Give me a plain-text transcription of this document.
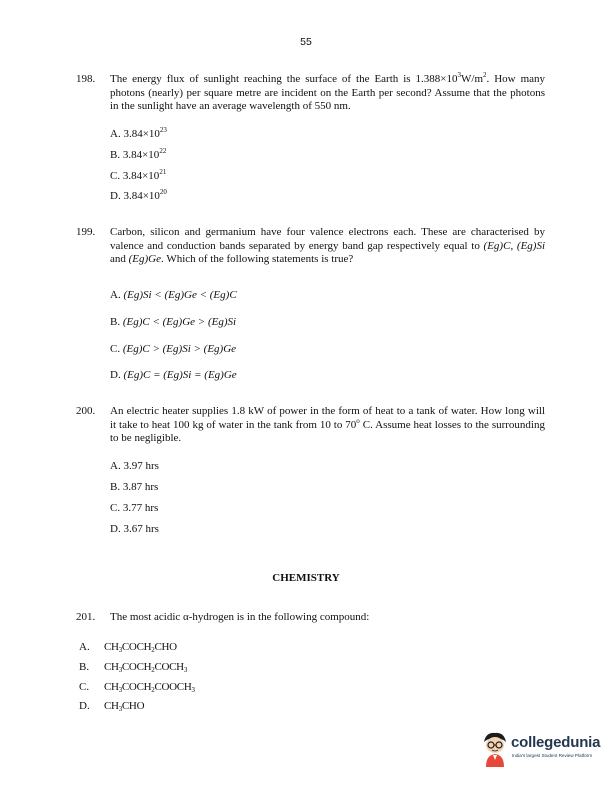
55
198. The energy flux of sunlight reaching the surface of the Earth is $1.388\times 10^3W/m^2$. How many photons (nearly) per square metre are incident on the Earth per second? Assume that the photons in the sunlight have an average wavelength of 550 nm.
A. $3.84\times 10^{23}$
B. $3.84\times 10^{22}$
C. $3.84\times 10^{21}$
D. $3.84\times 10^{20}$
199. Carbon, silicon and germanium have four valence electrons each. These are characterised by valence and conduction bands separated by energy band gap respectively equal to (Eg)C, (Eg)Si and (Eg)Ge. Which of the following statements is true?
A. (Eg)Si < (Eg)Ge < (Eg)C
B. (Eg)C < (Eg)Ge > (Eg)Si
C. (Eg)C > (Eg)Si > (Eg)Ge
D. (Eg)C = (Eg)Si = (Eg)Ge
200. An electric heater supplies 1.8 kW of power in the form of heat to a tank of water. How long will it take to heat 100 kg of water in the tank from 10 to 70$^o$ C. Assume heat losses to the surrounding to be negligible.
A. 3.97 hrs
B. 3.87 hrs
C. 3.77 hrs
D. 3.67 hrs
CHEMISTRY
201. The most acidic α-hydrogen is in the following compound:
A. $CH_3COCH_2CHO$
B. $CH_3COCH_2COCH_3$
C. $CH_3COCH_2COOCH_3$
D. $CH_3CHO$
collegedunia
India's largest Student Review Platform
